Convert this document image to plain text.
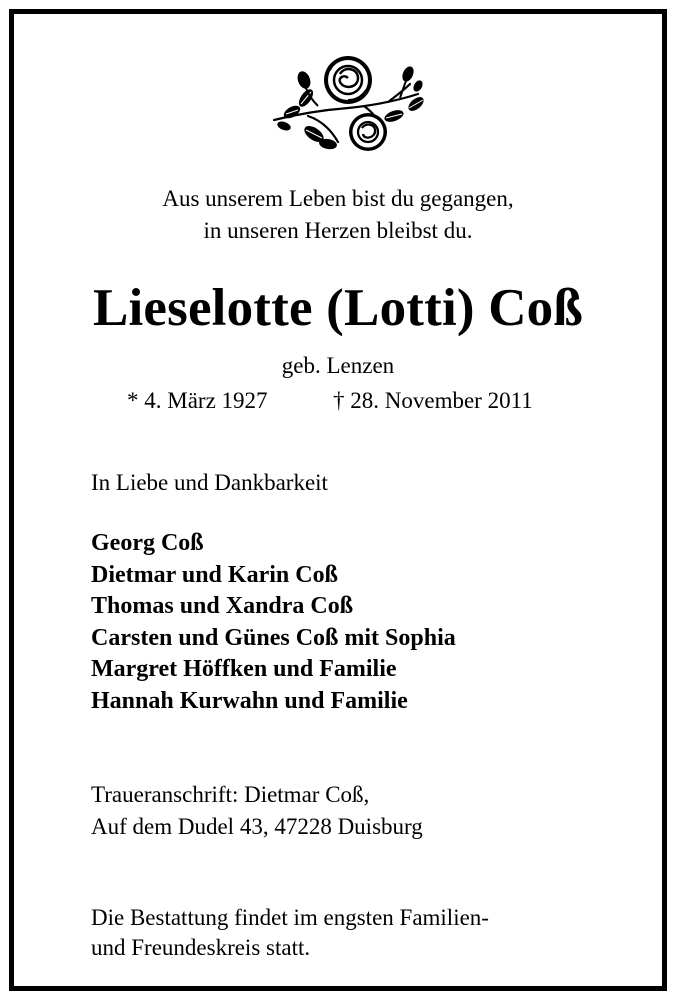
Aus unserem Leben bist du gegangen,
in unseren Herzen bleibst du.
Lieselotte (Lotti) Coß
geb. Lenzen
* 4. März 1927	† 28. November 2011
In Liebe und Dankbarkeit
Georg Coß
Dietmar und Karin Coß
Thomas und Xandra Coß
Carsten und Günes Coß mit Sophia
Margret Höffken und Familie
Hannah Kurwahn und Familie
Traueranschrift: Dietmar Coß,
Auf dem Dudel 43, 47228 Duisburg
Die Bestattung findet im engsten Familien-
und Freundeskreis statt.
